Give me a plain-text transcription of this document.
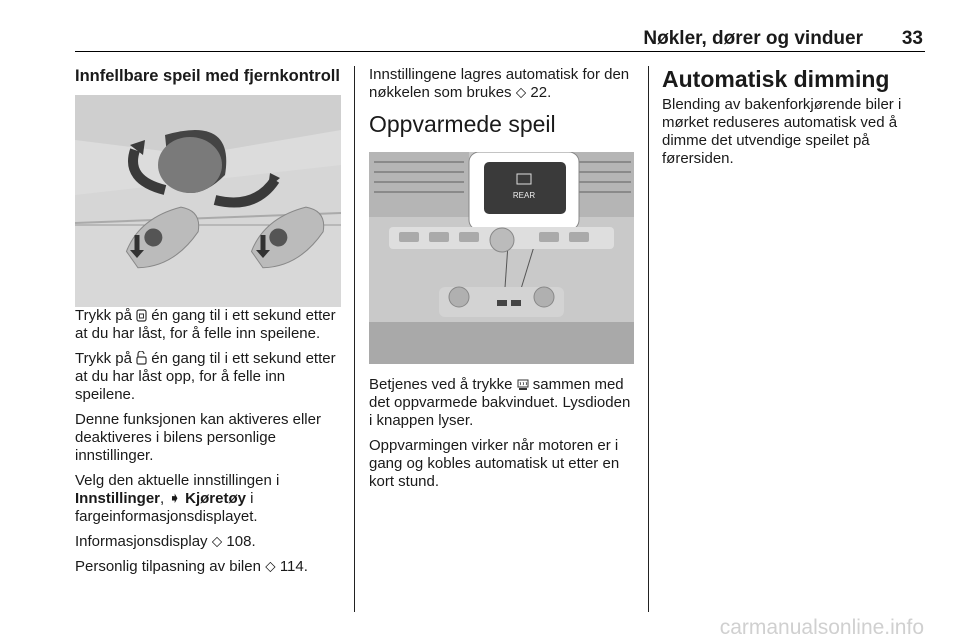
Nøkler, dører og vinduer 33
Innfellbare speil med fjernkontroll

Trykk på én gang til i ett sekund etter at du har låst, for å felle inn speilene.

Trykk på én gang til i ett sekund etter at du har låst opp, for å felle inn speilene.

Denne funksjonen kan aktiveres eller deaktiveres i bilens personlige innstillinger.

Velg den aktuelle innstillingen i Innstillinger, ➧ Kjøretøy i fargeinformasjonsdisplayet.

Informasjonsdisplay ⬦ 108.

Personlig tilpasning av bilen ⬦ 114.

Innstillingene lagres automatisk for den nøkkelen som brukes ⬦ 22.

Oppvarmede speil
REAR

Betjenes ved å trykke sammen med det oppvarmede bakvinduet. Lysdioden i knappen lyser.

Oppvarmingen virker når motoren er i gang og kobles automatisk ut etter en kort stund.

Automatisk dimming

Blending av bakenforkjørende biler i mørket reduseres automatisk ved å dimme det utvendige speilet på førersiden.

carmanualsonline.info
